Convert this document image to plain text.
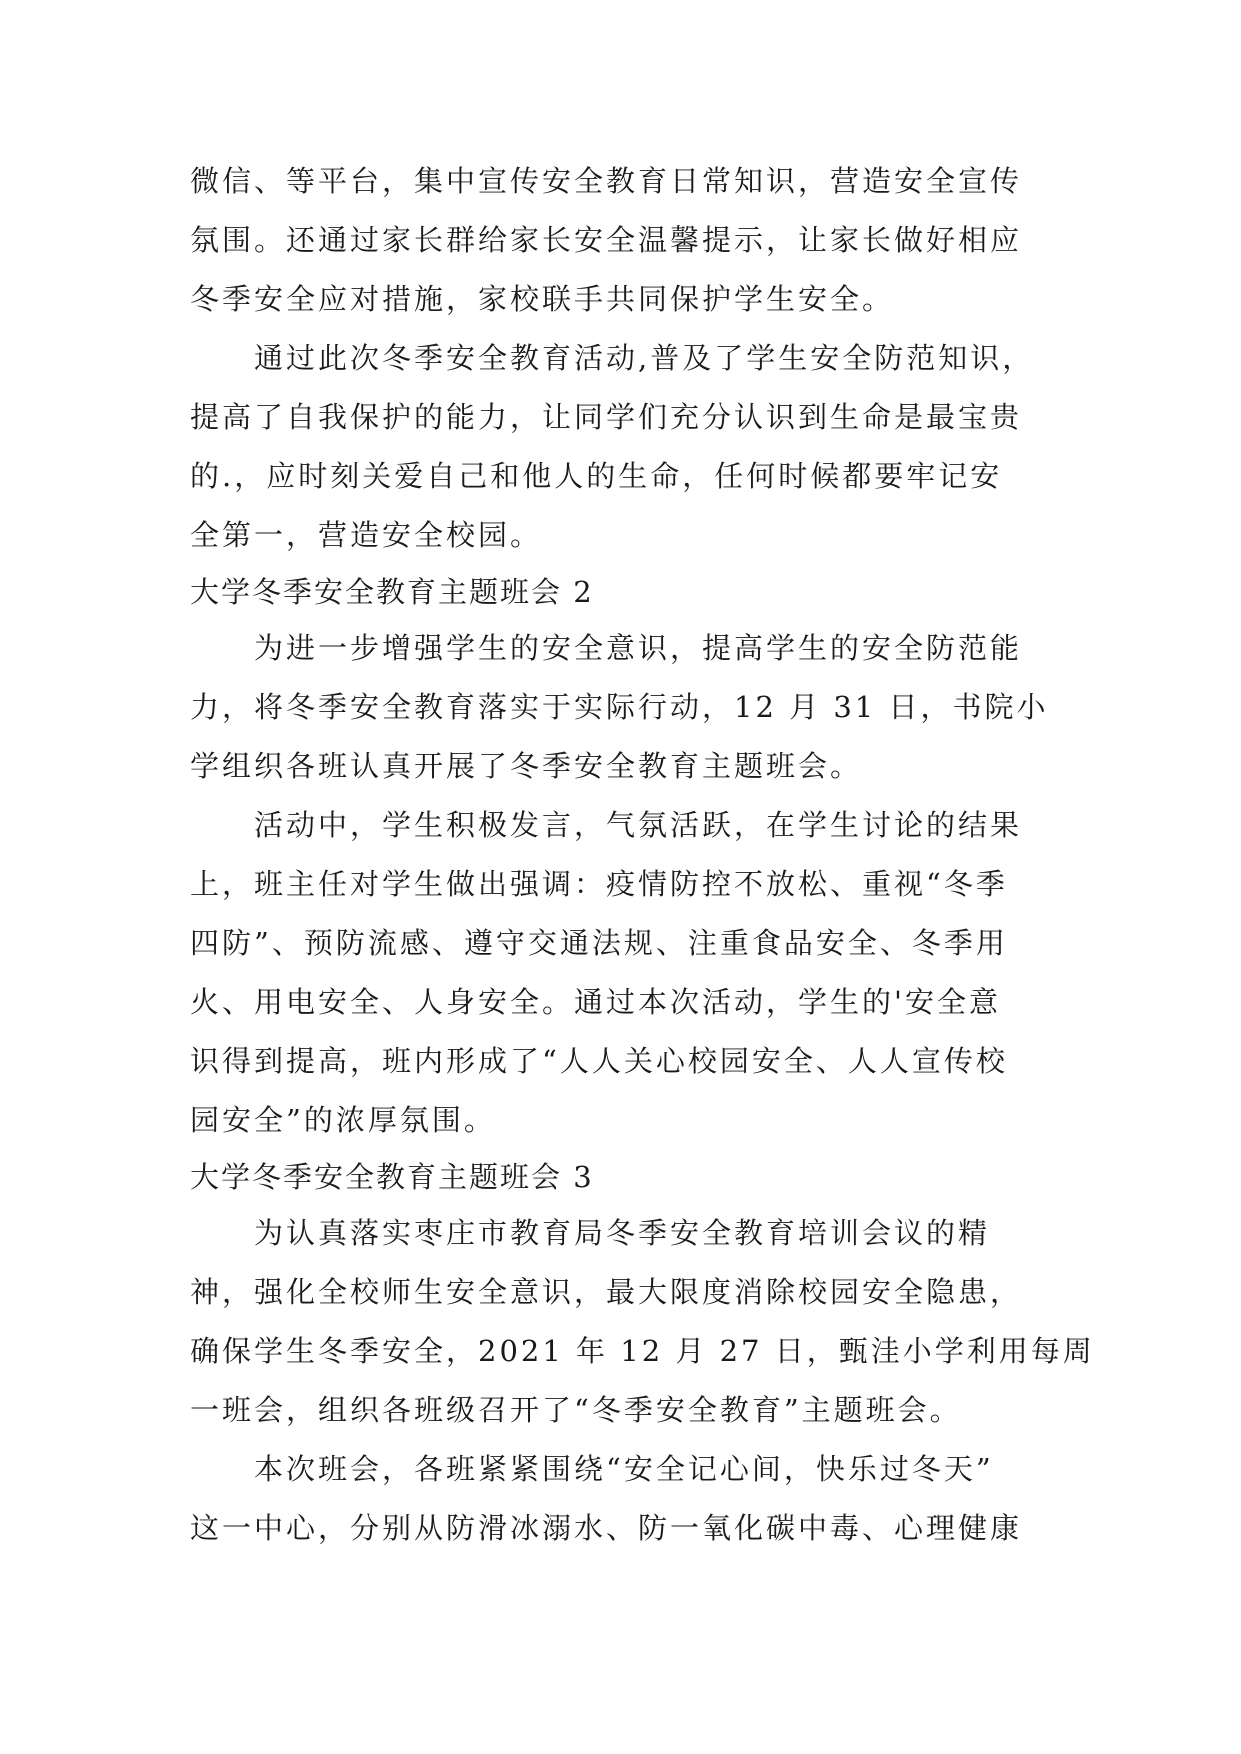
微信、等平台，集中宣传安全教育日常知识，营造安全宣传
氛围。还通过家长群给家长安全温馨提示，让家长做好相应
冬季安全应对措施，家校联手共同保护学生安全。
通过此次冬季安全教育活动,普及了学生安全防范知识，
提高了自我保护的能力，让同学们充分认识到生命是最宝贵
的.，应时刻关爱自己和他人的生命，任何时候都要牢记安
全第一，营造安全校园。
大学冬季安全教育主题班会 2
为进一步增强学生的安全意识，提高学生的安全防范能
力，将冬季安全教育落实于实际行动，12 月 31 日，书院小
学组织各班认真开展了冬季安全教育主题班会。
活动中，学生积极发言，气氛活跃，在学生讨论的结果
上，班主任对学生做出强调：疫情防控不放松、重视“冬季
四防”、预防流感、遵守交通法规、注重食品安全、冬季用
火、用电安全、人身安全。通过本次活动，学生的'安全意
识得到提高，班内形成了“人人关心校园安全、人人宣传校
园安全”的浓厚氛围。
大学冬季安全教育主题班会 3
为认真落实枣庄市教育局冬季安全教育培训会议的精
神，强化全校师生安全意识，最大限度消除校园安全隐患，
确保学生冬季安全，2021 年 12 月 27 日，甄洼小学利用每周
一班会，组织各班级召开了“冬季安全教育”主题班会。
本次班会，各班紧紧围绕“安全记心间，快乐过冬天”
这一中心，分别从防滑冰溺水、防一氧化碳中毒、心理健康
